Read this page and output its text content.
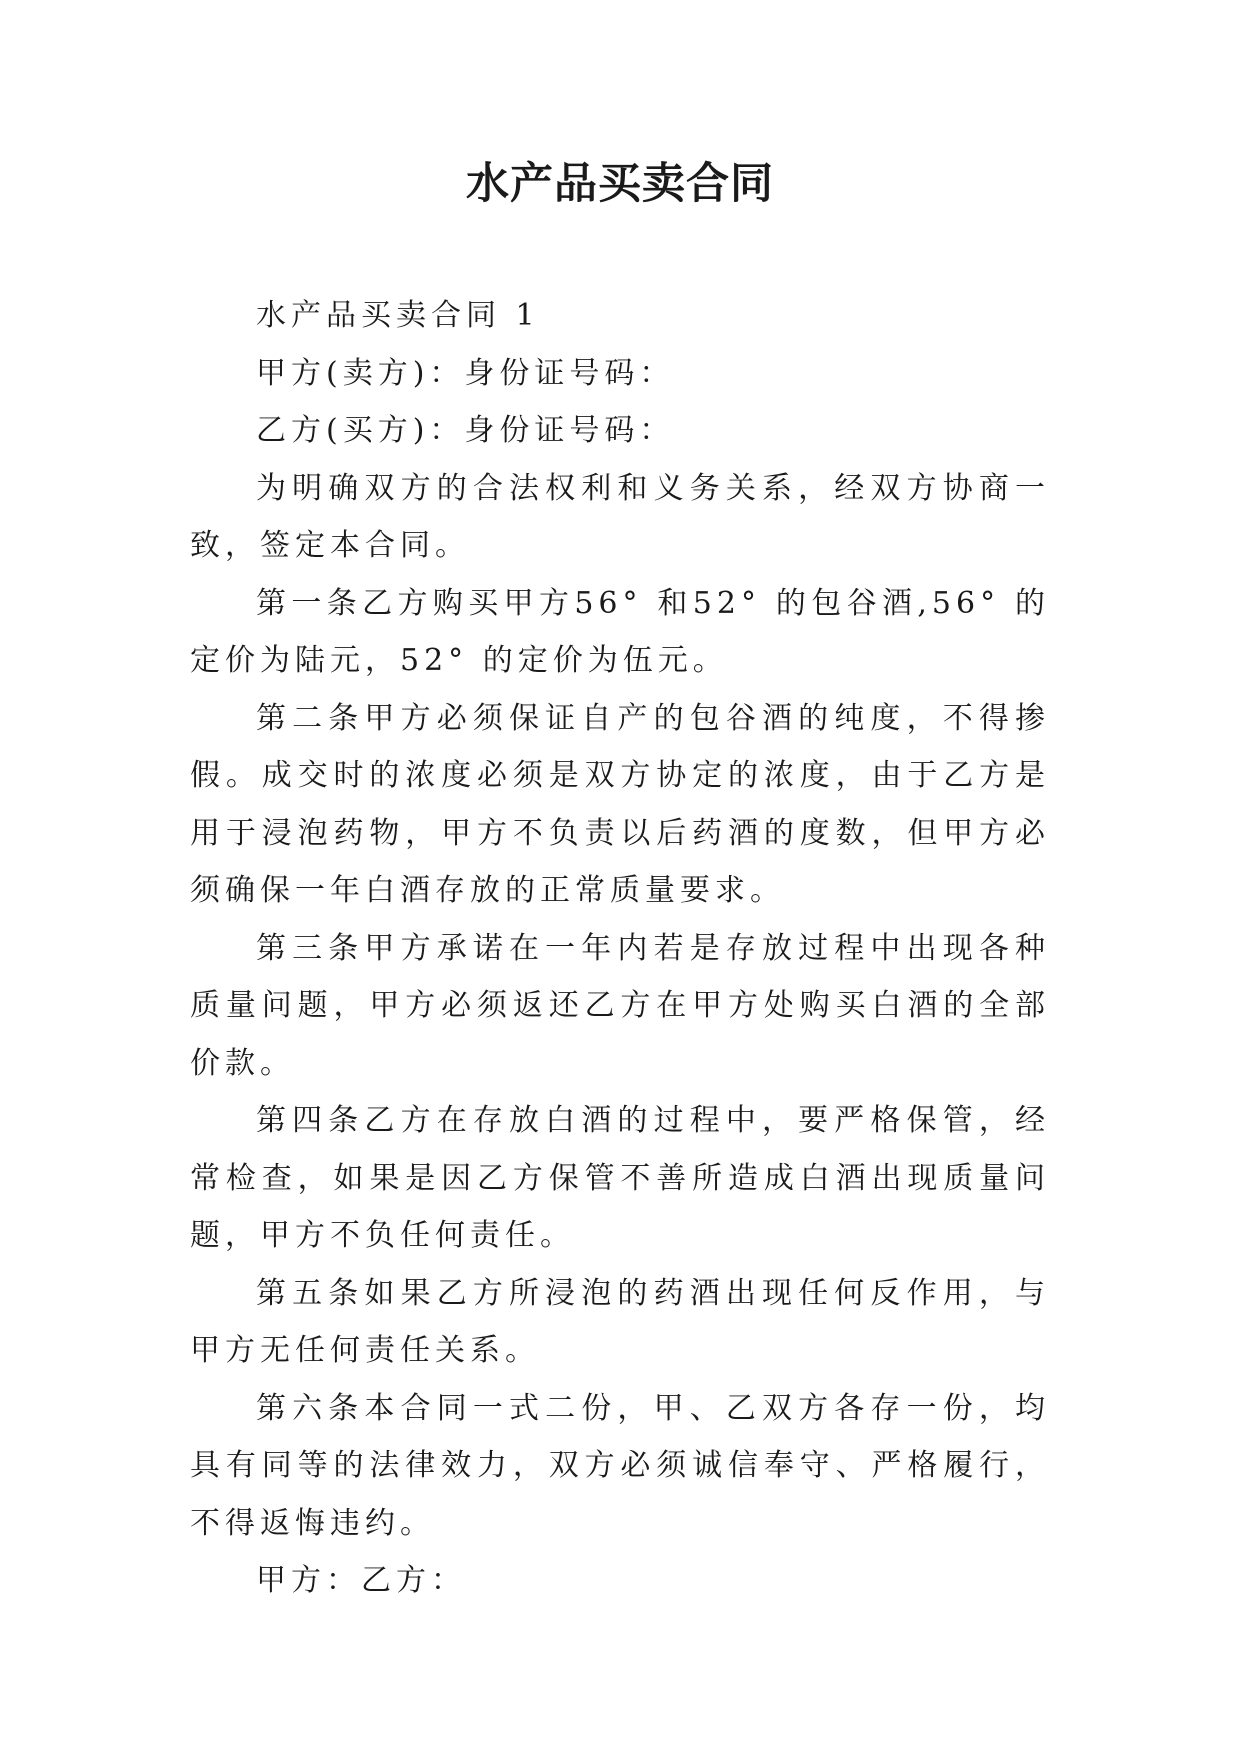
水产品买卖合同

水产品买卖合同 1

甲方(卖方)：身份证号码：

乙方(买方)：身份证号码：

为明确双方的合法权利和义务关系，经双方协商一致，签定本合同。

第一条乙方购买甲方56° 和52° 的包谷酒,56° 的定价为陆元，52° 的定价为伍元。

第二条甲方必须保证自产的包谷酒的纯度，不得掺假。成交时的浓度必须是双方协定的浓度，由于乙方是用于浸泡药物，甲方不负责以后药酒的度数，但甲方必须确保一年白酒存放的正常质量要求。

第三条甲方承诺在一年内若是存放过程中出现各种质量问题，甲方必须返还乙方在甲方处购买白酒的全部价款。

第四条乙方在存放白酒的过程中，要严格保管，经常检查，如果是因乙方保管不善所造成白酒出现质量问题，甲方不负任何责任。

第五条如果乙方所浸泡的药酒出现任何反作用，与甲方无任何责任关系。

第六条本合同一式二份，甲、乙双方各存一份，均具有同等的法律效力，双方必须诚信奉守、严格履行，不得返悔违约。

甲方：乙方：
